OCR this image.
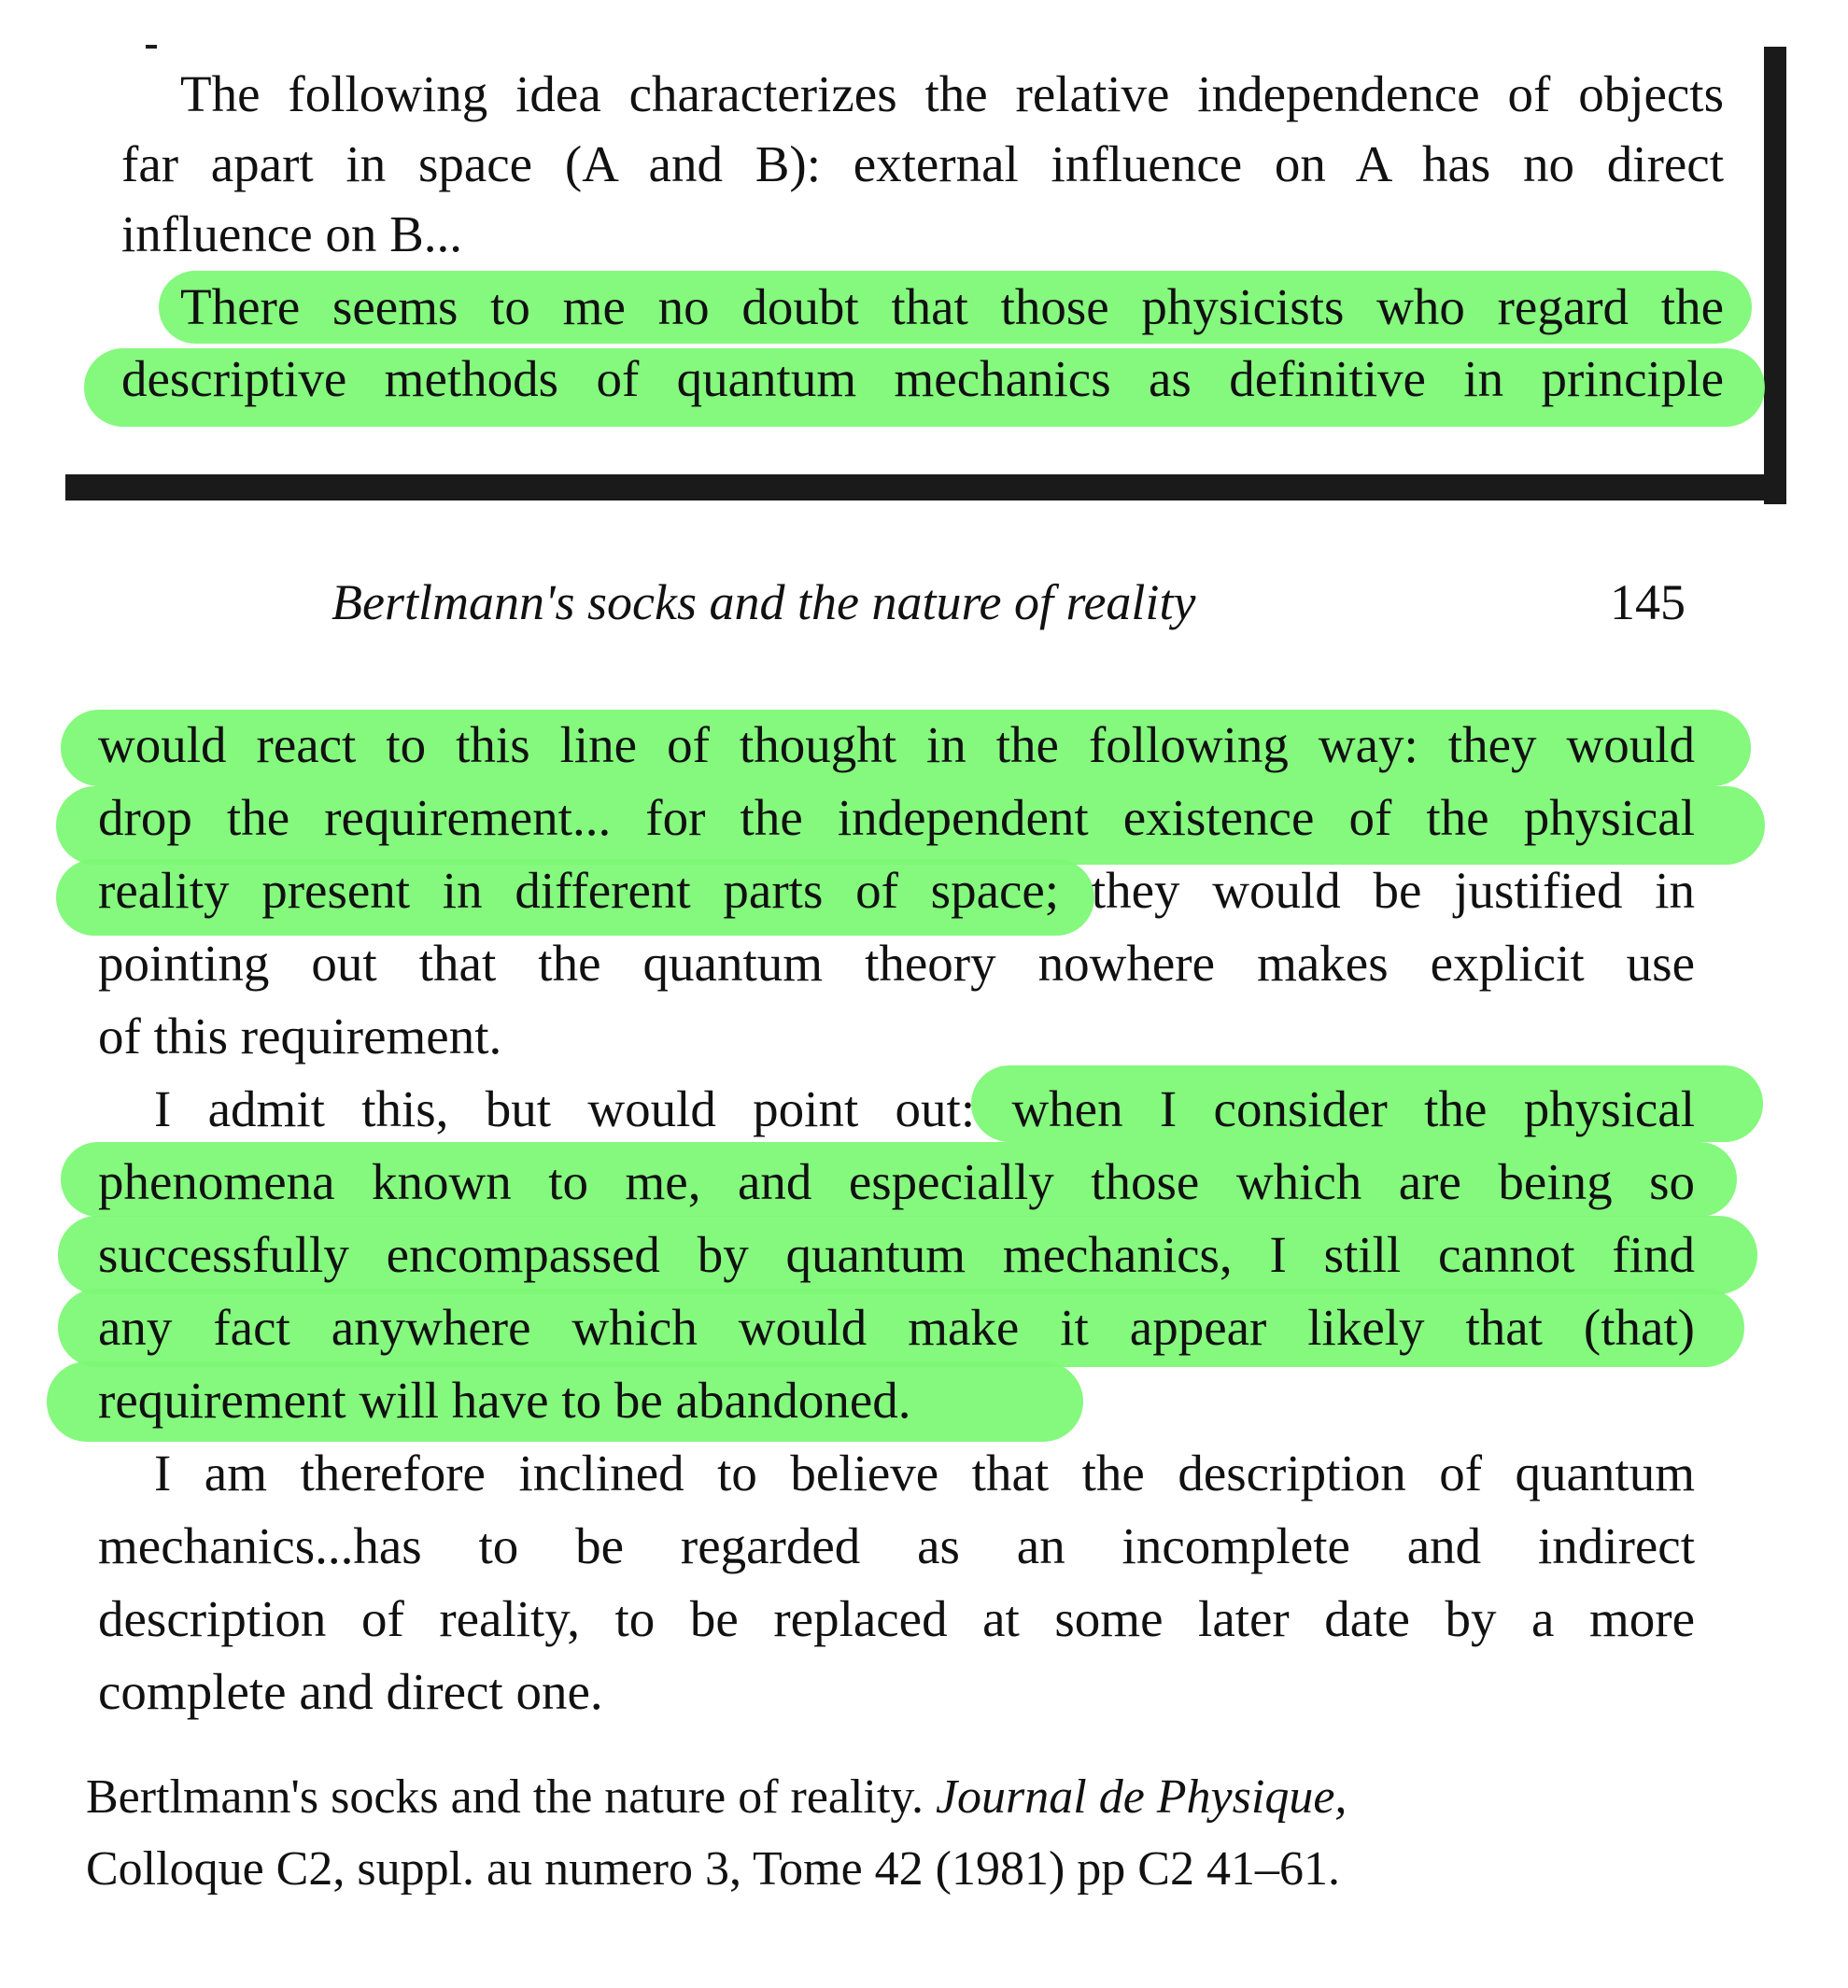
The following idea characterizes the relative independence of objects

far apart in space (A and B): external influence on A has no direct

influence on B...

There seems to me no doubt that those physicists who regard the

descriptive methods of quantum mechanics as definitive in principle

Bertlmann's socks and the nature of reality	145

would react to this line of thought in the following way: they would

drop the requirement... for the independent existence of the physical

reality present in different parts of space; they would be justified in

pointing out that the quantum theory nowhere makes explicit use

of this requirement.

I admit this, but would point out: when I consider the physical

phenomena known to me, and especially those which are being so

successfully encompassed by quantum mechanics, I still cannot find

any fact anywhere which would make it appear likely that (that)

requirement will have to be abandoned.

I am therefore inclined to believe that the description of quantum

mechanics...has to be regarded as an incomplete and indirect

description of reality, to be replaced at some later date by a more

complete and direct one.

Bertlmann's socks and the nature of reality. Journal de Physique,

Colloque C2, suppl. au numero 3, Tome 42 (1981) pp C2 41–61.
